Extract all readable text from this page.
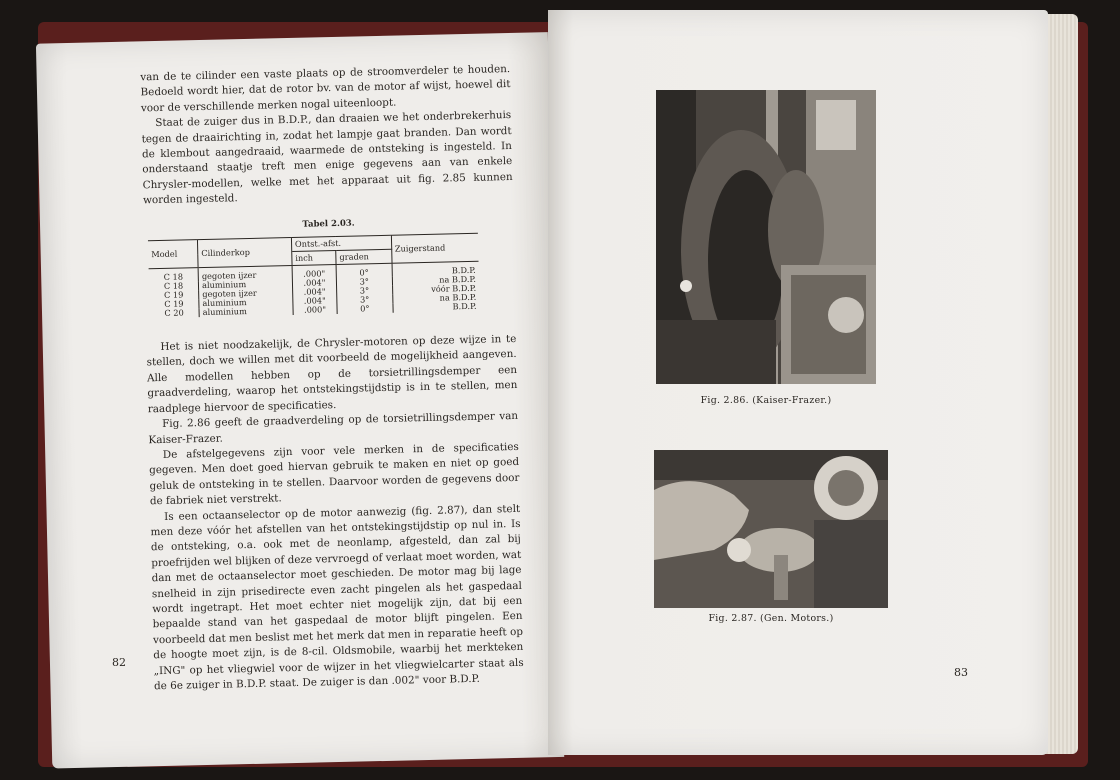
van de te cilinder een vaste plaats op de stroomverdeler te houden. Bedoeld wordt hier, dat de rotor bv. van de motor af wijst, hoewel dit voor de verschillende merken nogal uiteenloopt.

Staat de zuiger dus in B.D.P., dan draaien we het onderbrekerhuis tegen de draairichting in, zodat het lampje gaat branden. Dan wordt de klembout aangedraaid, waarmede de ontsteking is ingesteld. In onderstaand staatje treft men enige gegevens aan van enkele Chrysler-modellen, welke met het apparaat uit fig. 2.85 kunnen worden ingesteld.

Tabel 2.03.
Model	Cilinderkop	Ontst.-afst.		Zuigerstand
		inch	graden	
C 18	gegoten ijzer	.000"	0°	B.D.P.
C 18	aluminium	.004"	3°	na B.D.P.
C 19	gegoten ijzer	.004"	3°	vóór B.D.P.
C 19	aluminium	.004"	3°	na B.D.P.
C 20	aluminium	.000"	0°	B.D.P.

Het is niet noodzakelijk, de Chrysler-motoren op deze wijze in te stellen, doch we willen met dit voorbeeld de mogelijkheid aangeven. Alle modellen hebben op de torsietrillingsdemper een graadverdeling, waarop het ontstekingstijdstip is in te stellen, men raadplege hiervoor de specificaties.

Fig. 2.86 geeft de graadverdeling op de torsietrillingsdemper van Kaiser-Frazer.

De afstelgegevens zijn voor vele merken in de specificaties gegeven. Men doet goed hiervan gebruik te maken en niet op goed geluk de ontsteking in te stellen. Daarvoor worden de gegevens door de fabriek niet verstrekt.

Is een octaanselector op de motor aanwezig (fig. 2.87), dan stelt men deze vóór het afstellen van het ontstekingstijdstip op nul in. Is de ontsteking, o.a. ook met de neonlamp, afgesteld, dan zal bij proefrijden wel blijken of deze vervroegd of verlaat moet worden, wat dan met de octaanselector moet geschieden. De motor mag bij lage snelheid in zijn prisedirecte even zacht pingelen als het gaspedaal wordt ingetrapt. Het moet echter niet mogelijk zijn, dat bij een bepaalde stand van het gaspedaal de motor blijft pingelen. Een voorbeeld dat men beslist met het merk dat men in reparatie heeft op de hoogte moet zijn, is de 8-cil. Oldsmobile, waarbij het merkteken „ING" op het vliegwiel voor de wijzer in het vliegwielcarter staat als de 6e zuiger in B.D.P. staat. De zuiger is dan .002" voor B.D.P.

82
Fig. 2.86. (Kaiser-Frazer.)
Fig. 2.87. (Gen. Motors.)
83
